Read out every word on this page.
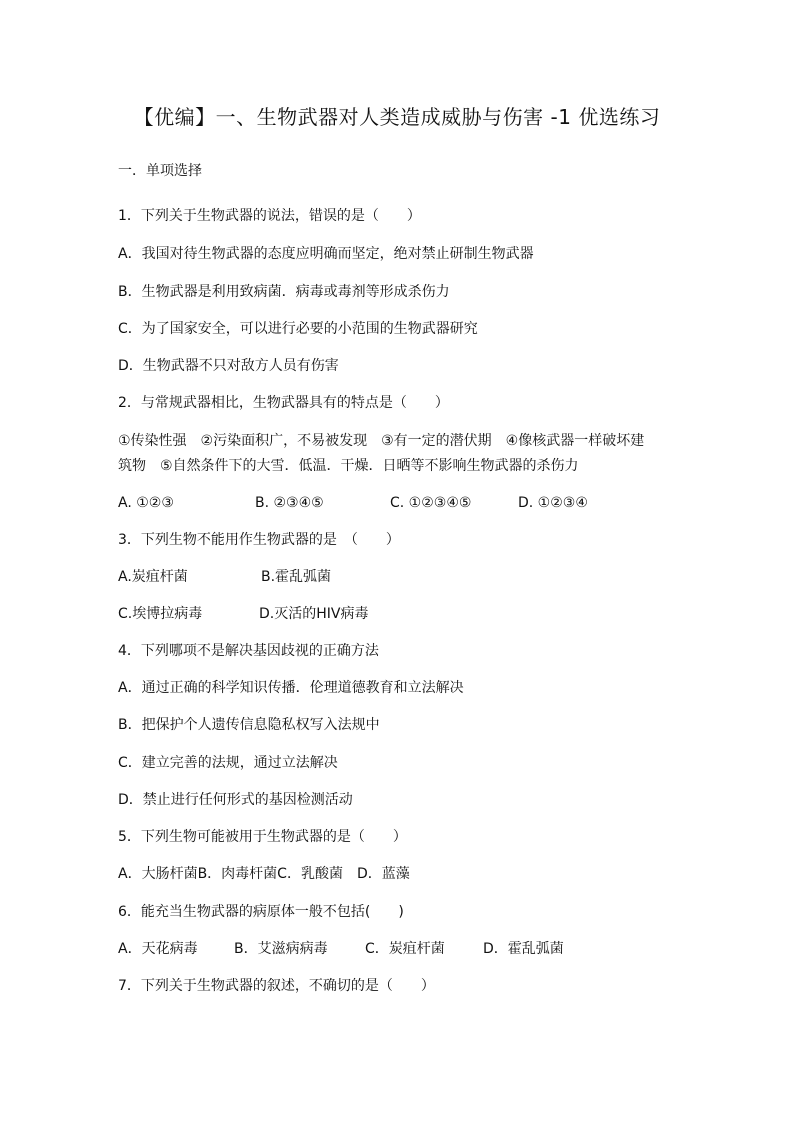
【优编】一、生物武器对人类造成威胁与伤害 -1 优选练习
一．单项选择
1．下列关于生物武器的说法，错误的是（　　）
A．我国对待生物武器的态度应明确而坚定，绝对禁止研制生物武器
B．生物武器是利用致病菌．病毒或毒剂等形成杀伤力
C．为了国家安全，可以进行必要的小范围的生物武器研究
D．生物武器不只对敌方人员有伤害
2．与常规武器相比，生物武器具有的特点是（　　）
①传染性强　②污染面积广，不易被发现　③有一定的潜伏期　④像核武器一样破坏建
筑物　⑤自然条件下的大雪．低温．干燥．日晒等不影响生物武器的杀伤力
A. ①②③	B. ②③④⑤	C. ①②③④⑤	D. ①②③④
3．下列生物不能用作生物武器的是　（　　）
A.炭疽杆菌	B.霍乱弧菌
C.埃博拉病毒	D.灭活的HIV病毒
4．下列哪项不是解决基因歧视的正确方法
A．通过正确的科学知识传播．伦理道德教育和立法解决
B．把保护个人遗传信息隐私权写入法规中
C．建立完善的法规，通过立法解决
D．禁止进行任何形式的基因检测活动
5．下列生物可能被用于生物武器的是（　　）
A．大肠杆菌B．肉毒杆菌C．乳酸菌　D．蓝藻
6．能充当生物武器的病原体一般不包括(　　)
A．天花病毒	B．艾滋病病毒	C．炭疽杆菌	D．霍乱弧菌
7．下列关于生物武器的叙述，不确切的是（　　）
